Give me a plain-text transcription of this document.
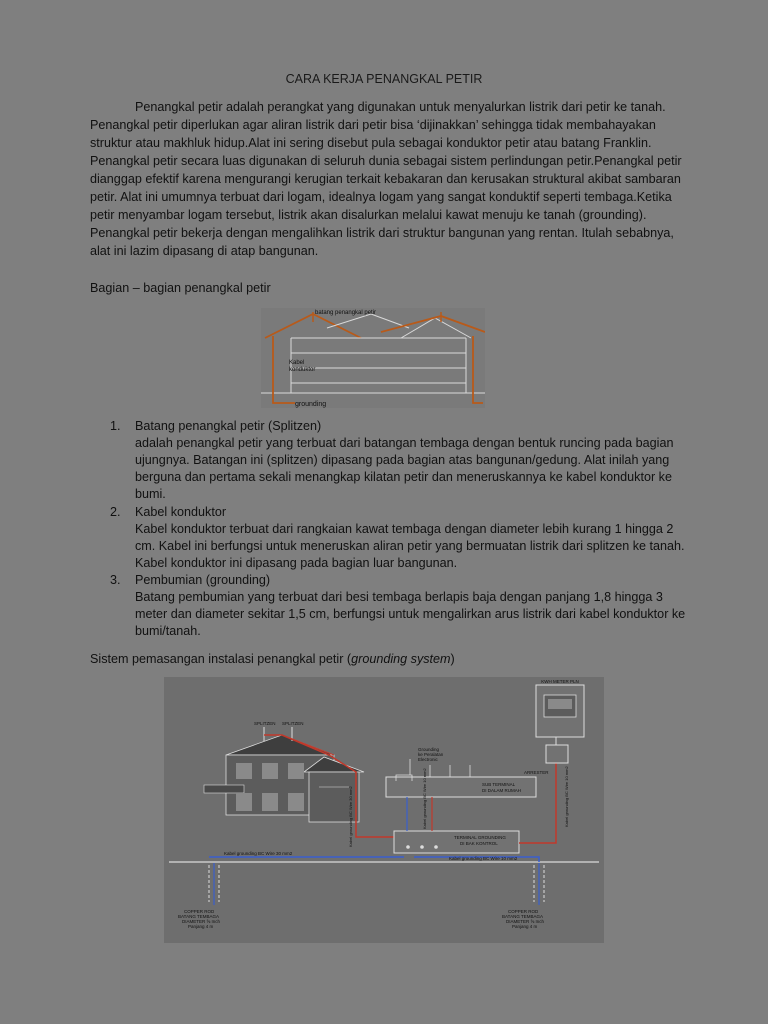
CARA KERJA PENANGKAL PETIR

Penangkal petir adalah perangkat yang digunakan untuk menyalurkan listrik dari petir ke tanah. Penangkal petir diperlukan agar aliran listrik dari petir bisa ‘dijinakkan’ sehingga tidak membahayakan struktur atau makhluk hidup.Alat ini sering disebut pula sebagai konduktor petir atau batang Franklin. Penangkal petir secara luas digunakan di seluruh dunia sebagai sistem perlindungan petir.Penangkal petir dianggap efektif karena mengurangi kerugian terkait kebakaran dan kerusakan struktural akibat sambaran petir. Alat ini umumnya terbuat dari logam, idealnya logam yang sangat konduktif seperti tembaga.Ketika petir menyambar logam tersebut, listrik akan disalurkan melalui kawat menuju ke tanah (grounding). Penangkal petir bekerja dengan mengalihkan listrik dari struktur bangunan yang rentan. Itulah sebabnya, alat ini lazim dipasang di atap bangunan.

Bagian – bagian penangkal petir
batang penangkal petir
Kabel
konduktor
grounding
1. Batang penangkal petir (Splitzen)

adalah penangkal petir yang terbuat dari batangan tembaga dengan bentuk runcing pada bagian ujungnya. Batangan ini (splitzen) dipasang pada bagian atas bangunan/gedung. Alat inilah yang berguna dan pertama sekali menangkap kilatan petir dan meneruskannya ke kabel konduktor ke bumi.

2. Kabel konduktor

Kabel konduktor terbuat dari rangkaian kawat tembaga dengan diameter lebih kurang 1 hingga 2 cm. Kabel ini berfungsi untuk meneruskan aliran petir yang bermuatan listrik dari splitzen ke tanah. Kabel konduktor ini dipasang pada bagian luar bangunan.

3. Pembumian (grounding)

Batang pembumian yang terbuat dari besi tembaga berlapis baja dengan panjang 1,8 hingga 3 meter dan diameter sekitar 1,5 cm, berfungsi untuk mengalirkan arus listrik dari kabel konduktor ke bumi/tanah.

Sistem pemasangan instalasi penangkal petir (grounding system)
KWH METER PLN
SPLITZEN SPLITZEN
Grounding
ke Peralatan
Electronic
SUB TERMINAL
DI DALAM RUMAH
ARRESTER
TERMINAL GROUNDING
DI BAK KONTROL
Kabel grounding BC Wire 30 mm2
Kabel grounding BC Wire 10 mm2
Kabel grounding BC Wire 30 mm2	Kabel grounding BC Wire 10 mm2	Kabel grounding BC Wire 10 mm2
COPPER ROD
BATANG TEMBAGA
DIAMETER ⅝ Inch
Panjang 4 m
COPPER ROD
BATANG TEMBAGA
DIAMETER ⅝ Inch
Panjang 4 m
